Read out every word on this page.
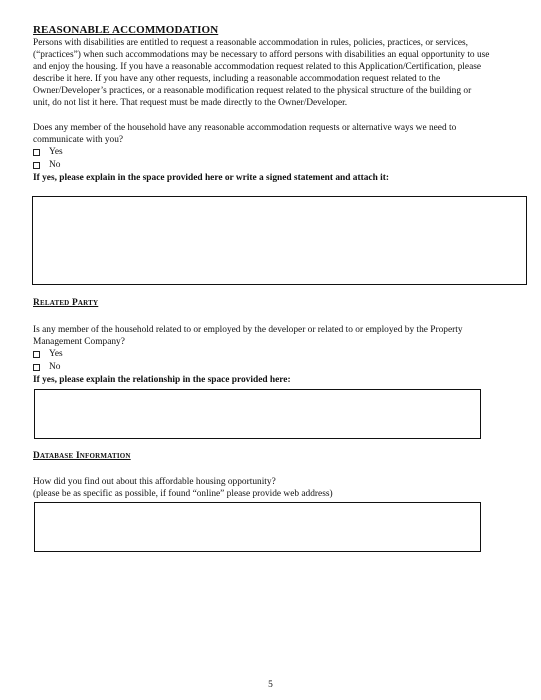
REASONABLE ACCOMMODATION
Persons with disabilities are entitled to request a reasonable accommodation in rules, policies, practices, or services,
(“practices”) when such accommodations may be necessary to afford persons with disabilities an equal opportunity to use
and enjoy the housing. If you have a reasonable accommodation request related to this Application/Certification, please
describe it here. If you have any other requests, including a reasonable accommodation request related to the
Owner/Developer’s practices, or a reasonable modification request related to the physical structure of the building or
unit, do not list it here. That request must be made directly to the Owner/Developer.
Does any member of the household have any reasonable accommodation requests or alternative ways we need to
communicate with you?
Yes
No
If yes, please explain in the space provided here or write a signed statement and attach it:
Related Party
Is any member of the household related to or employed by the developer or related to or employed by the Property
Management Company?
Yes
No
If yes, please explain the relationship in the space provided here:
Database Information
How did you find out about this affordable housing opportunity?
(please be as specific as possible, if found “online” please provide web address)
5
